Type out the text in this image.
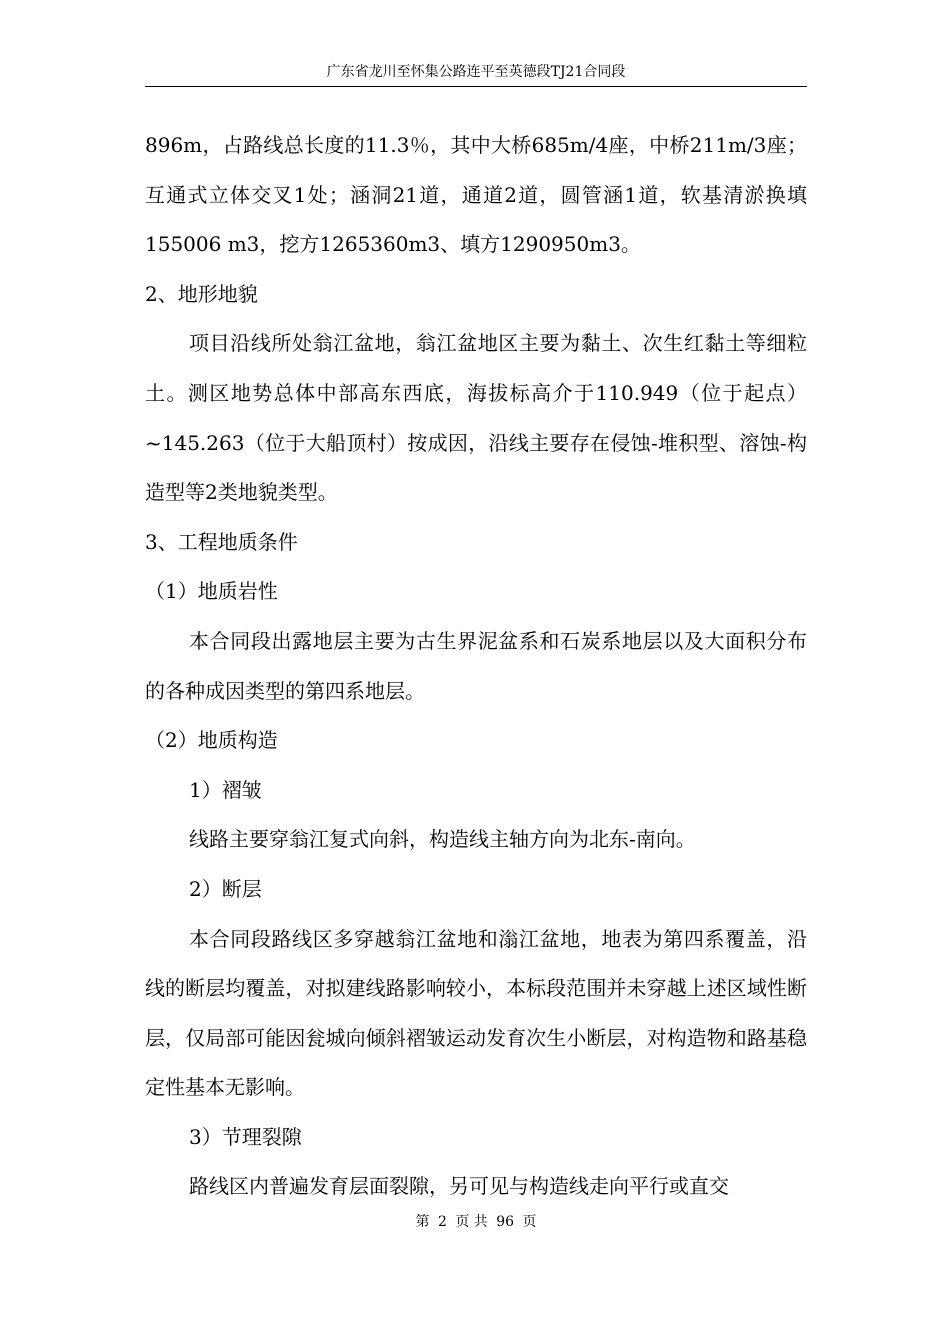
广东省龙川至怀集公路连平至英德段TJ21合同段

896m，占路线总长度的11.3％，其中大桥685m/4座，中桥211m/3座；互通式立体交叉1处；涵洞21道，通道2道，圆管涵1道，软基清淤换填155006 m3，挖方1265360m3、填方1290950m3。

2、地形地貌

项目沿线所处翁江盆地，翁江盆地区主要为黏土、次生红黏土等细粒土。测区地势总体中部高东西底，海拔标高介于110.949（位于起点）~145.263（位于大船顶村）按成因，沿线主要存在侵蚀-堆积型、溶蚀-构造型等2类地貌类型。

3、工程地质条件

（1）地质岩性

本合同段出露地层主要为古生界泥盆系和石炭系地层以及大面积分布的各种成因类型的第四系地层。

（2）地质构造

1）褶皱

线路主要穿翁江复式向斜，构造线主轴方向为北东-南向。

2）断层

本合同段路线区多穿越翁江盆地和滃江盆地，地表为第四系覆盖，沿线的断层均覆盖，对拟建线路影响较小，本标段范围并未穿越上述区域性断层，仅局部可能因瓮城向倾斜褶皱运动发育次生小断层，对构造物和路基稳定性基本无影响。

3）节理裂隙

路线区内普遍发育层面裂隙，另可见与构造线走向平行或直交

第 2 页 共 96 页
